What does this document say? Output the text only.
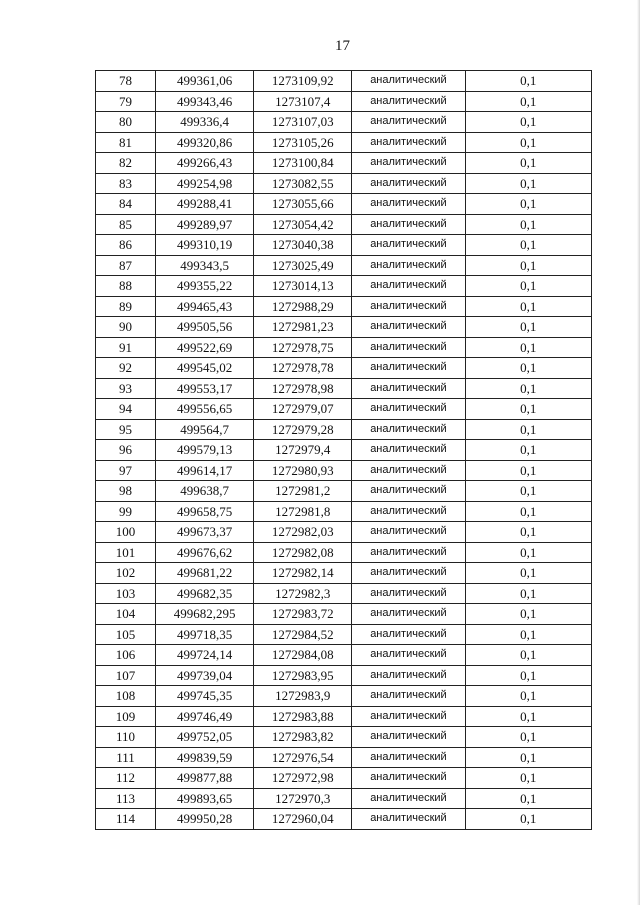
17
78	499361,06	1273109,92	аналитический	0,1
79	499343,46	1273107,4	аналитический	0,1
80	499336,4	1273107,03	аналитический	0,1
81	499320,86	1273105,26	аналитический	0,1
82	499266,43	1273100,84	аналитический	0,1
83	499254,98	1273082,55	аналитический	0,1
84	499288,41	1273055,66	аналитический	0,1
85	499289,97	1273054,42	аналитический	0,1
86	499310,19	1273040,38	аналитический	0,1
87	499343,5	1273025,49	аналитический	0,1
88	499355,22	1273014,13	аналитический	0,1
89	499465,43	1272988,29	аналитический	0,1
90	499505,56	1272981,23	аналитический	0,1
91	499522,69	1272978,75	аналитический	0,1
92	499545,02	1272978,78	аналитический	0,1
93	499553,17	1272978,98	аналитический	0,1
94	499556,65	1272979,07	аналитический	0,1
95	499564,7	1272979,28	аналитический	0,1
96	499579,13	1272979,4	аналитический	0,1
97	499614,17	1272980,93	аналитический	0,1
98	499638,7	1272981,2	аналитический	0,1
99	499658,75	1272981,8	аналитический	0,1
100	499673,37	1272982,03	аналитический	0,1
101	499676,62	1272982,08	аналитический	0,1
102	499681,22	1272982,14	аналитический	0,1
103	499682,35	1272982,3	аналитический	0,1
104	499682,295	1272983,72	аналитический	0,1
105	499718,35	1272984,52	аналитический	0,1
106	499724,14	1272984,08	аналитический	0,1
107	499739,04	1272983,95	аналитический	0,1
108	499745,35	1272983,9	аналитический	0,1
109	499746,49	1272983,88	аналитический	0,1
110	499752,05	1272983,82	аналитический	0,1
111	499839,59	1272976,54	аналитический	0,1
112	499877,88	1272972,98	аналитический	0,1
113	499893,65	1272970,3	аналитический	0,1
114	499950,28	1272960,04	аналитический	0,1
